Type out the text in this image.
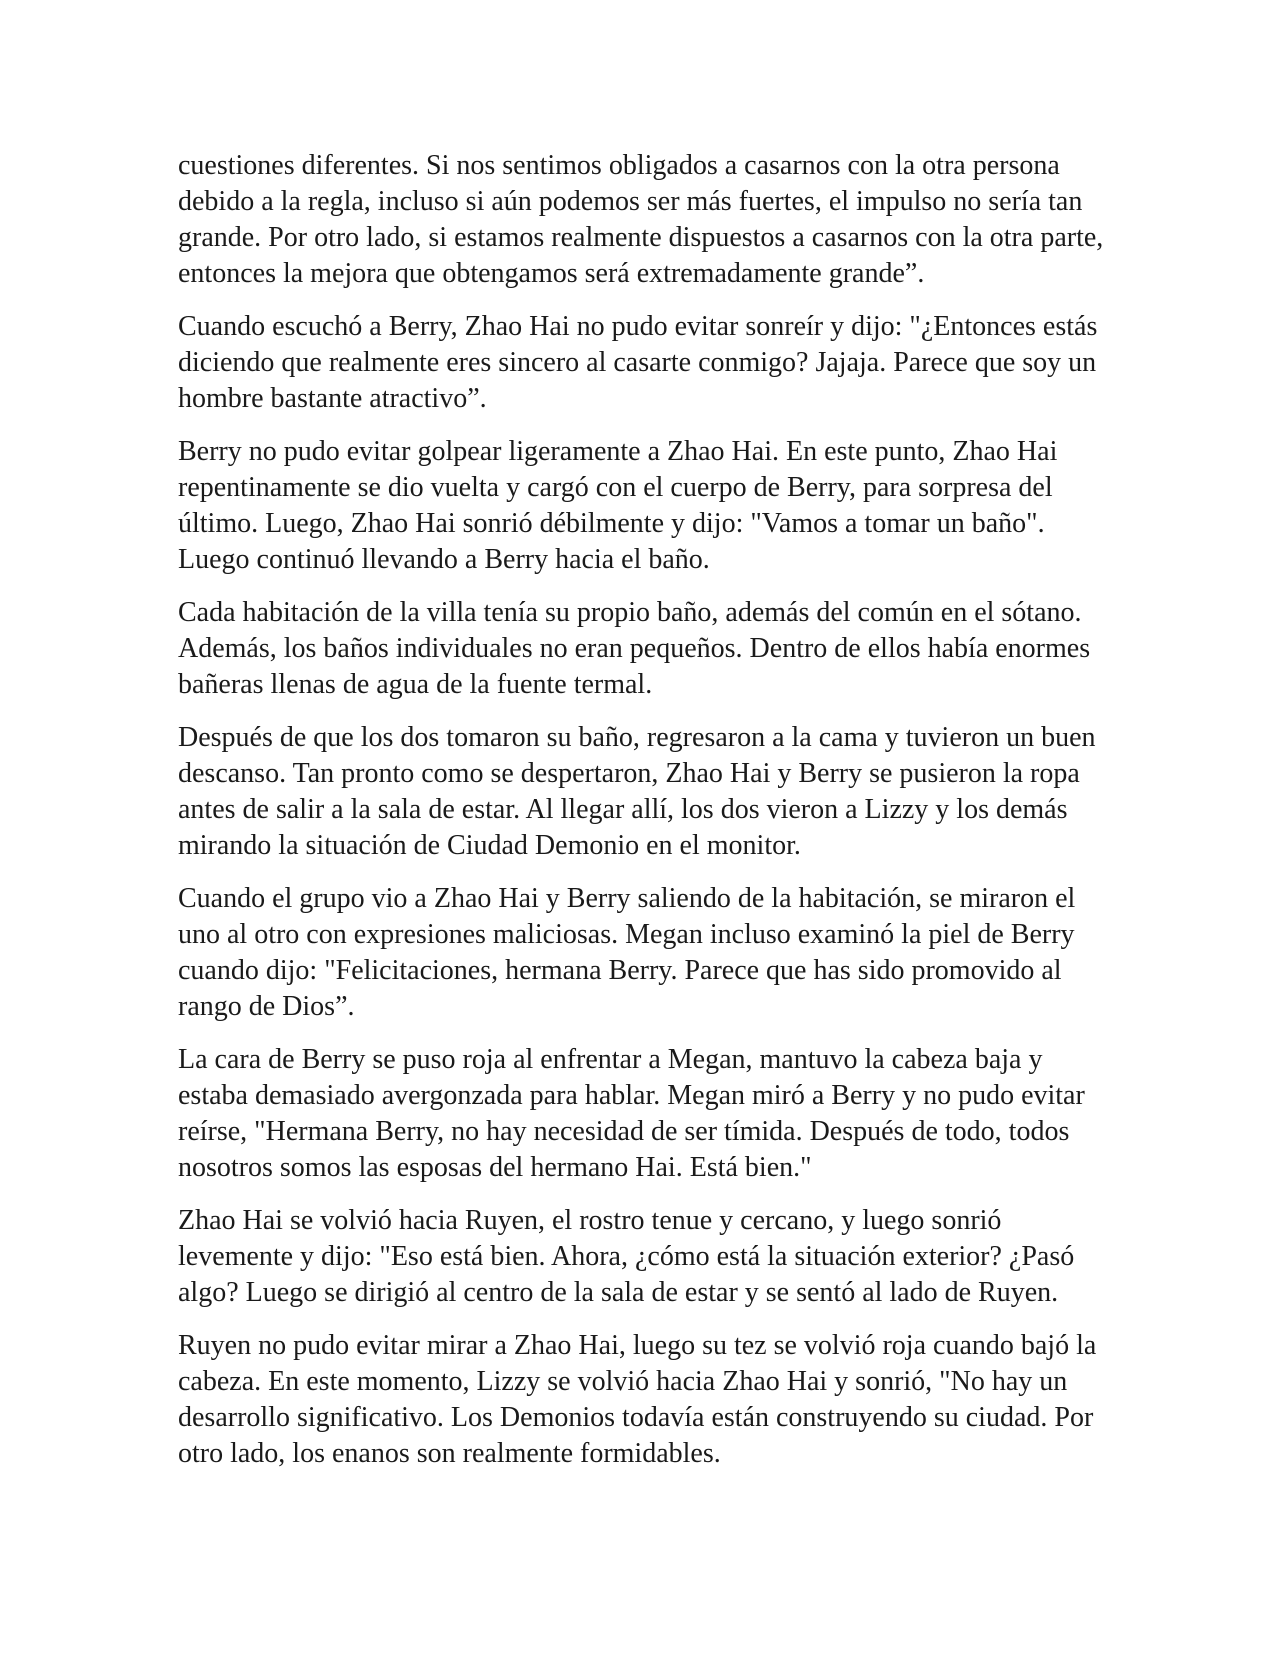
cuestiones diferentes. Si nos sentimos obligados a casarnos con la otra persona debido a la regla, incluso si aún podemos ser más fuertes, el impulso no sería tan grande. Por otro lado, si estamos realmente dispuestos a casarnos con la otra parte, entonces la mejora que obtengamos será extremadamente grande”.

Cuando escuchó a Berry, Zhao Hai no pudo evitar sonreír y dijo: "¿Entonces estás diciendo que realmente eres sincero al casarte conmigo? Jajaja. Parece que soy un hombre bastante atractivo”.

Berry no pudo evitar golpear ligeramente a Zhao Hai. En este punto, Zhao Hai repentinamente se dio vuelta y cargó con el cuerpo de Berry, para sorpresa del último. Luego, Zhao Hai sonrió débilmente y dijo: "Vamos a tomar un baño". Luego continuó llevando a Berry hacia el baño.

Cada habitación de la villa tenía su propio baño, además del común en el sótano. Además, los baños individuales no eran pequeños. Dentro de ellos había enormes bañeras llenas de agua de la fuente termal.

Después de que los dos tomaron su baño, regresaron a la cama y tuvieron un buen descanso. Tan pronto como se despertaron, Zhao Hai y Berry se pusieron la ropa antes de salir a la sala de estar. Al llegar allí, los dos vieron a Lizzy y los demás mirando la situación de Ciudad Demonio en el monitor.

Cuando el grupo vio a Zhao Hai y Berry saliendo de la habitación, se miraron el uno al otro con expresiones maliciosas. Megan incluso examinó la piel de Berry cuando dijo: "Felicitaciones, hermana Berry. Parece que has sido promovido al rango de Dios”.

La cara de Berry se puso roja al enfrentar a Megan, mantuvo la cabeza baja y estaba demasiado avergonzada para hablar. Megan miró a Berry y no pudo evitar reírse, "Hermana Berry, no hay necesidad de ser tímida. Después de todo, todos nosotros somos las esposas del hermano Hai. Está bien."

Zhao Hai se volvió hacia Ruyen, el rostro tenue y cercano, y luego sonrió levemente y dijo: "Eso está bien. Ahora, ¿cómo está la situación exterior? ¿Pasó algo? Luego se dirigió al centro de la sala de estar y se sentó al lado de Ruyen.

Ruyen no pudo evitar mirar a Zhao Hai, luego su tez se volvió roja cuando bajó la cabeza. En este momento, Lizzy se volvió hacia Zhao Hai y sonrió, "No hay un desarrollo significativo. Los Demonios todavía están construyendo su ciudad. Por otro lado, los enanos son realmente formidables.
